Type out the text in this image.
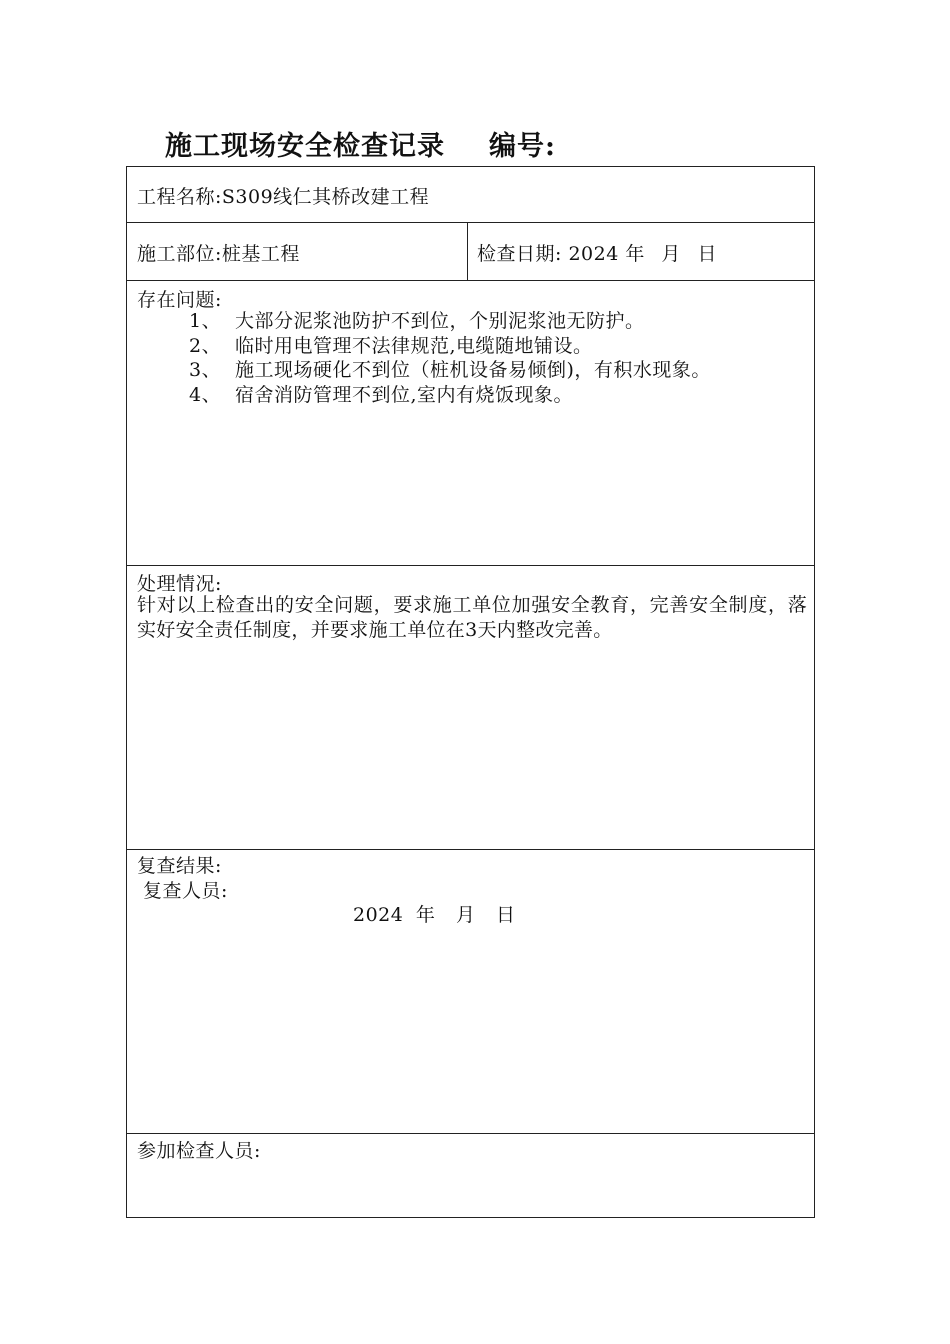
施工现场安全检查记录 编号:
工程名称:S309线仁其桥改建工程
施工部位:桩基工程	检查日期: 2024 年 月 日
存在问题:
1、 大部分泥浆池防护不到位，个别泥浆池无防护。
2、 临时用电管理不法律规范,电缆随地铺设。
3、 施工现场硬化不到位（桩机设备易倾倒)，有积水现象。
4、 宿舍消防管理不到位,室内有烧饭现象。
处理情况:
针对以上检查出的安全问题，要求施工单位加强安全教育，完善安全制度，落实好安全责任制度，并要求施工单位在3天内整改完善。
复查结果:
复查人员:
2024 年 月 日
参加检查人员:
